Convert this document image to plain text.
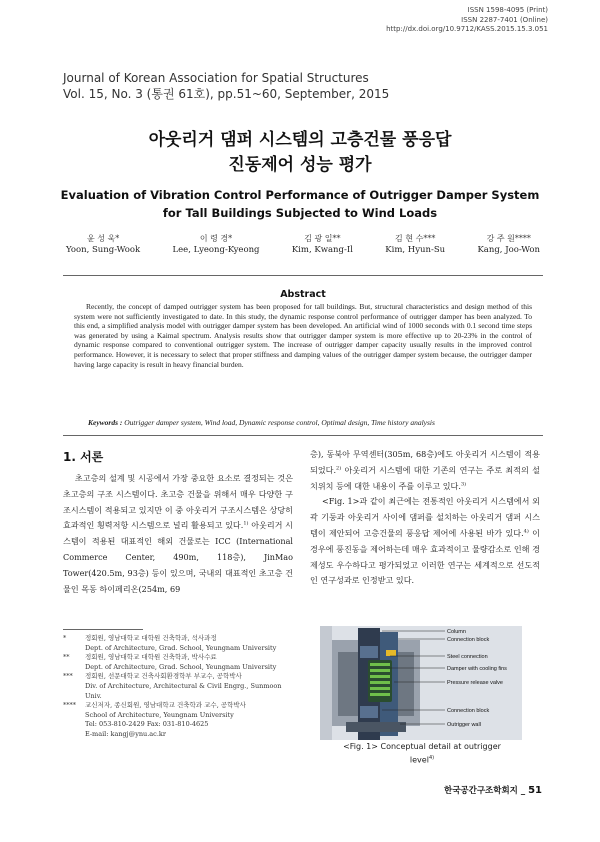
ISSN 1598-4095 (Print)
ISSN 2287-7401 (Online)
http://dx.doi.org/10.9712/KASS.2015.15.3.051
Journal of Korean Association for Spatial Structures
Vol. 15, No. 3 (통권 61호), pp.51~60, September, 2015
아웃리거 댐퍼 시스템의 고층건물 풍응답
진동제어 성능 평가
Evaluation of Vibration Control Performance of Outrigger Damper System
for Tall Buildings Subjected to Wind Loads
윤 성 욱*
Yoon, Sung-Wook
이 령 경*
Lee, Lyeong-Kyeong
김 광 일**
Kim, Kwang-Il
김 현 수***
Kim, Hyun-Su
강 주 원****
Kang, Joo-Won
Abstract

Recently, the concept of damped outrigger system has been proposed for tall buildings. But, structural characteristics and design method of this system were not sufficiently investigated to date. In this study, the dynamic response control performance of outrigger damper has been analyzed. To this end, a simplified analysis model with outrigger damper system has been developed. An artificial wind of 1000 seconds with 0.1 second time steps was generated by using a Kaimal spectrum. Analysis results show that outrigger damper system is more effective up to 20-23% in the control of dynamic response compared to conventional outrigger system. The increase of outrigger damper capacity usually results in the improved control performance. However, it is necessary to select that proper stiffness and damping values of the outrigger damper system because, the outrigger damper having large capacity is result in heavy financial burden.

Keywords : Outrigger damper system, Wind load, Dynamic response control, Optimal design, Time history analysis
1. 서론

초고층의 설계 및 시공에서 가장 중요한 요소로 결정되는 것은 초고층의 구조 시스템이다. 초고층 건물을 위해서 매우 다양한 구조시스템이 적용되고 있지만 이 중 아웃리거 구조시스템은 상당히 효과적인 횡력저항 시스템으로 널리 활용되고 있다.$^{1)}$ 아웃리거 시스템이 적용된 대표적인 해외 건물로는 ICC (International Commerce Center, 490m, 118층), JinMao Tower(420.5m, 93층) 등이 있으며, 국내의 대표적인 초고층 건물인 목동 하이페리온(254m, 69

층), 동북아 무역센터(305m, 68층)에도 아웃리거 시스템이 적용되었다.$^{2)}$ 아웃리거 시스템에 대한 기존의 연구는 주로 최적의 설치위치 등에 대한 내용이 주를 이루고 있다.$^{3)}$

<Fig. 1>과 같이 최근에는 전통적인 아웃리거 시스템에서 외곽 기둥과 아웃리거 사이에 댐퍼를 설치하는 아웃리거 댐퍼 시스템이 제안되어 고층건물의 풍응답 제어에 사용된 바가 있다.$^{4)}$ 이 경우에 풍진동을 제어하는데 매우 효과적이고 물량감소로 인해 경제성도 우수하다고 평가되었고 이러한 연구는 세계적으로 선도적인 연구성과로 인정받고 있다.

*	정회원, 영남대학교 대학원 건축학과, 석사과정
Dept. of Architecture, Grad. School, Yeungnam University
**	정회원, 영남대학교 대학원 건축학과, 박사수료
Dept. of Architecture, Grad. School, Yeungnam University
***	정회원, 선문대학교 건축사회환경학부 부교수, 공학박사
Div. of Architecture, Architectural & Civil Engrg., Sunmoon Univ.
****	교신저자, 종신회원, 영남대학교 건축학과 교수, 공학박사
School of Architecture, Yeungnam University
Tel: 053-810-2429 Fax: 031-810-4625
E-mail: kangj@ynu.ac.kr
Column
Connection block
Steel connection
Damper with cooling fins
Pressure release valve
Connection block
Outrigger wall
<Fig. 1> Conceptual detail at outrigger
level$^{4)}$
한국공간구조학회지 _ 51
